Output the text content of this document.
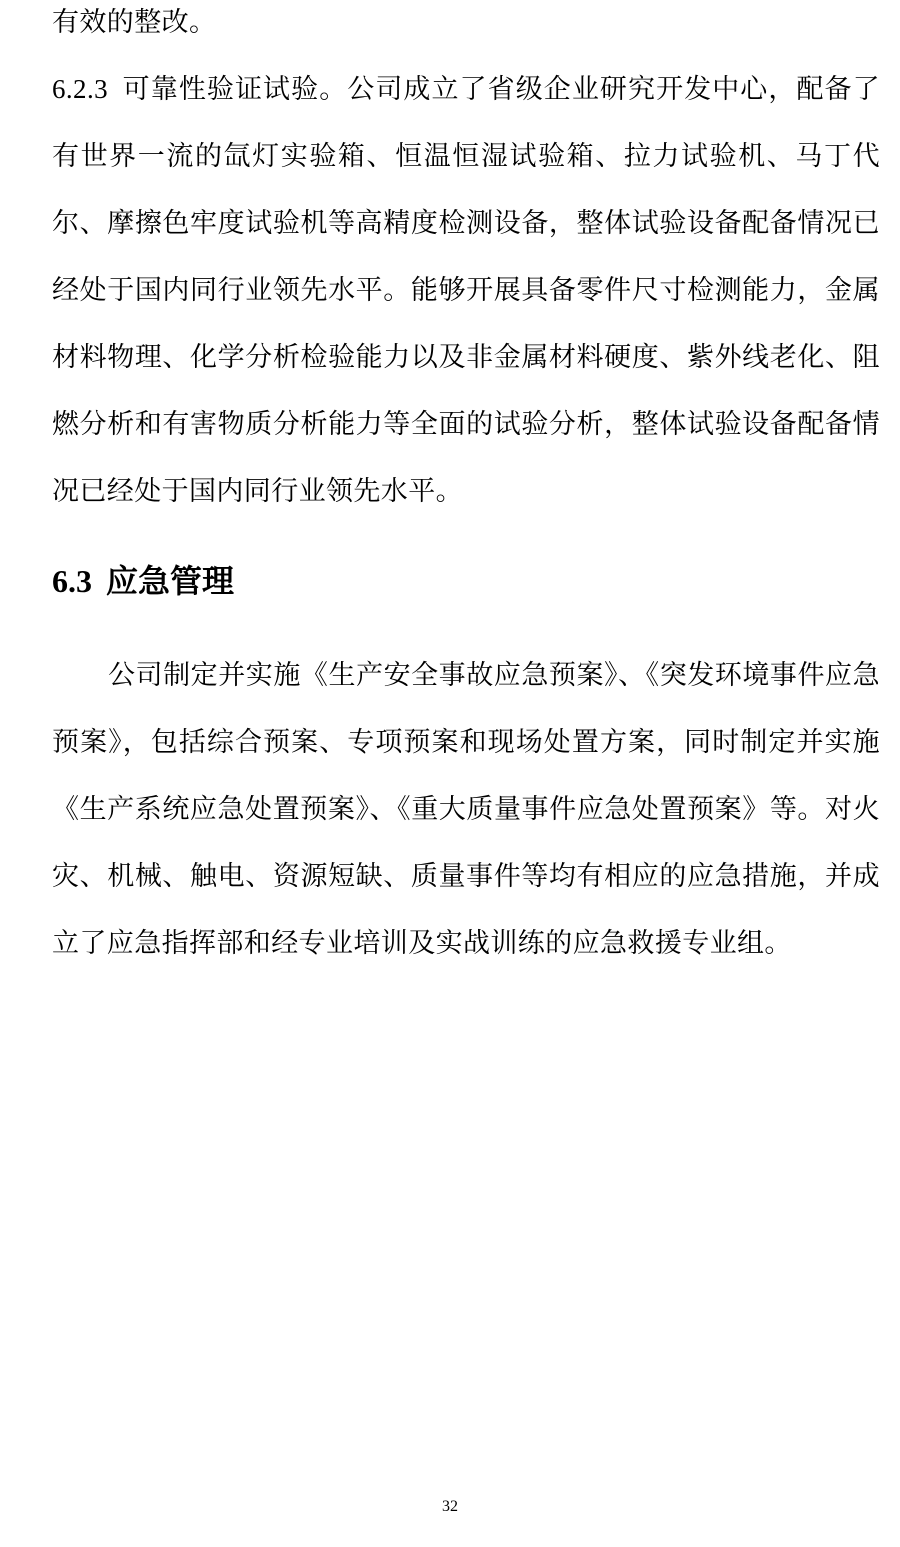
有效的整改。

6.2.3 可靠性验证试验。公司成立了省级企业研究开发中心，配备了有世界一流的氙灯实验箱、恒温恒湿试验箱、拉力试验机、马丁代尔、摩擦色牢度试验机等高精度检测设备，整体试验设备配备情况已经处于国内同行业领先水平。能够开展具备零件尺寸检测能力，金属材料物理、化学分析检验能力以及非金属材料硬度、紫外线老化、阻燃分析和有害物质分析能力等全面的试验分析，整体试验设备配备情况已经处于国内同行业领先水平。

6.3 应急管理

公司制定并实施《生产安全事故应急预案》、《突发环境事件应急预案》，包括综合预案、专项预案和现场处置方案，同时制定并实施《生产系统应急处置预案》、《重大质量事件应急处置预案》等。对火灾、机械、触电、资源短缺、质量事件等均有相应的应急措施，并成立了应急指挥部和经专业培训及实战训练的应急救援专业组。

32
